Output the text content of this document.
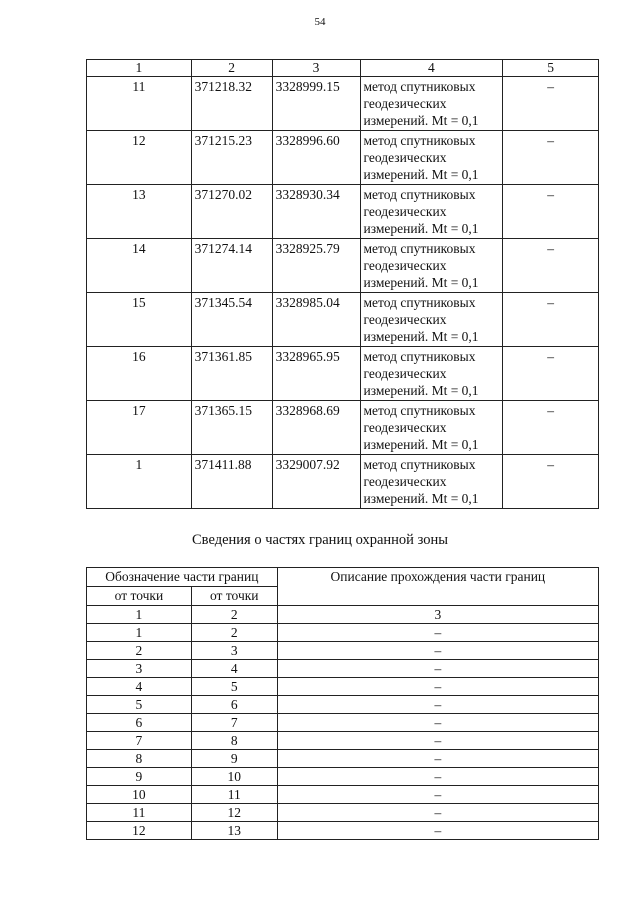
54
1	2	3	4	5
11	371218.32	3328999.15	метод спутниковых
геодезических
измерений. Mt = 0,1	–
12	371215.23	3328996.60	метод спутниковых
геодезических
измерений. Mt = 0,1	–
13	371270.02	3328930.34	метод спутниковых
геодезических
измерений. Mt = 0,1	–
14	371274.14	3328925.79	метод спутниковых
геодезических
измерений. Mt = 0,1	–
15	371345.54	3328985.04	метод спутниковых
геодезических
измерений. Mt = 0,1	–
16	371361.85	3328965.95	метод спутниковых
геодезических
измерений. Mt = 0,1	–
17	371365.15	3328968.69	метод спутниковых
геодезических
измерений. Mt = 0,1	–
1	371411.88	3329007.92	метод спутниковых
геодезических
измерений. Mt = 0,1	–
Сведения о частях границ охранной зоны
Обозначение части границ		Описание прохождения части границ
от точки	от точки	
1	2	3
1	2	–
2	3	–
3	4	–
4	5	–
5	6	–
6	7	–
7	8	–
8	9	–
9	10	–
10	11	–
11	12	–
12	13	–
